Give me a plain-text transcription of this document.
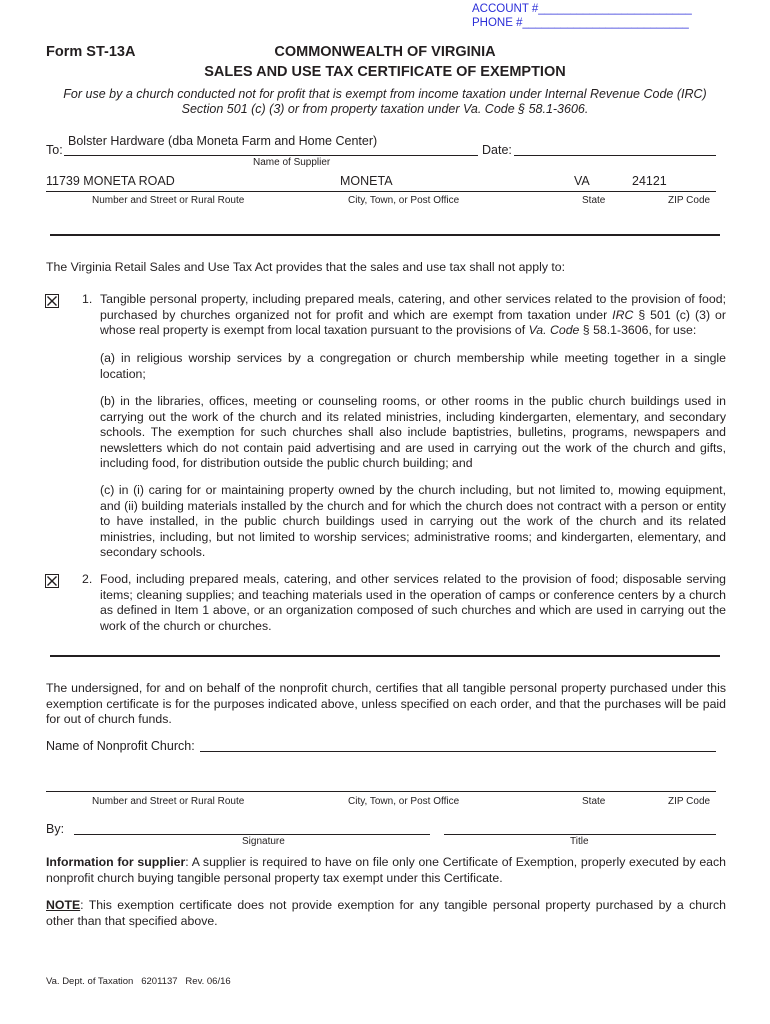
ACCOUNT #________________________
PHONE #__________________________
Form ST-13A	COMMONWEALTH OF VIRGINIA
SALES AND USE TAX CERTIFICATE OF EXEMPTION
For use by a church conducted not for profit that is exempt from income taxation under Internal Revenue Code (IRC)
Section 501 (c) (3) or from property taxation under Va. Code § 58.1-3606.
To:
Bolster Hardware (dba Moneta Farm and Home Center)
Date:
Name of Supplier
11739 MONETA ROAD	MONETA	VA	24121
Number and Street or Rural Route	City, Town, or Post Office	State	ZIP Code
The Virginia Retail Sales and Use Tax Act provides that the sales and use tax shall not apply to:
1. Tangible personal property, including prepared meals, catering, and other services related to the provision of food; purchased by churches organized not for profit and which are exempt from taxation under IRC § 501 (c) (3) or whose real property is exempt from local taxation pursuant to the provisions of Va. Code § 58.1-3606, for use:
(a) in religious worship services by a congregation or church membership while meeting together in a single location;
(b) in the libraries, offices, meeting or counseling rooms, or other rooms in the public church buildings used in carrying out the work of the church and its related ministries, including kindergarten, elementary, and secondary schools. The exemption for such churches shall also include baptistries, bulletins, programs, newspapers and newsletters which do not contain paid advertising and are used in carrying out the work of the church and gifts, including food, for distribution outside the public church building; and
(c) in (i) caring for or maintaining property owned by the church including, but not limited to, mowing equipment, and (ii) building materials installed by the church and for which the church does not contract with a person or entity to have installed, in the public church buildings used in carrying out the work of the church and its related ministries, including, but not limited to worship services; administrative rooms; and kindergarten, elementary, and secondary schools.
2. Food, including prepared meals, catering, and other services related to the provision of food; disposable serving items; cleaning supplies; and teaching materials used in the operation of camps or conference centers by a church as defined in Item 1 above, or an organization composed of such churches and which are used in carrying out the work of the church or churches.
The undersigned, for and on behalf of the nonprofit church, certifies that all tangible personal property purchased under this exemption certificate is for the purposes indicated above, unless specified on each order, and that the purchases will be paid for out of church funds.
Name of Nonprofit Church:
Number and Street or Rural Route	City, Town, or Post Office	State	ZIP Code
By:
Signature	Title
Information for supplier: A supplier is required to have on file only one Certificate of Exemption, properly executed by each nonprofit church buying tangible personal property tax exempt under this Certificate.
NOTE: This exemption certificate does not provide exemption for any tangible personal property purchased by a church other than that specified above.
Va. Dept. of Taxation   6201137   Rev. 06/16
